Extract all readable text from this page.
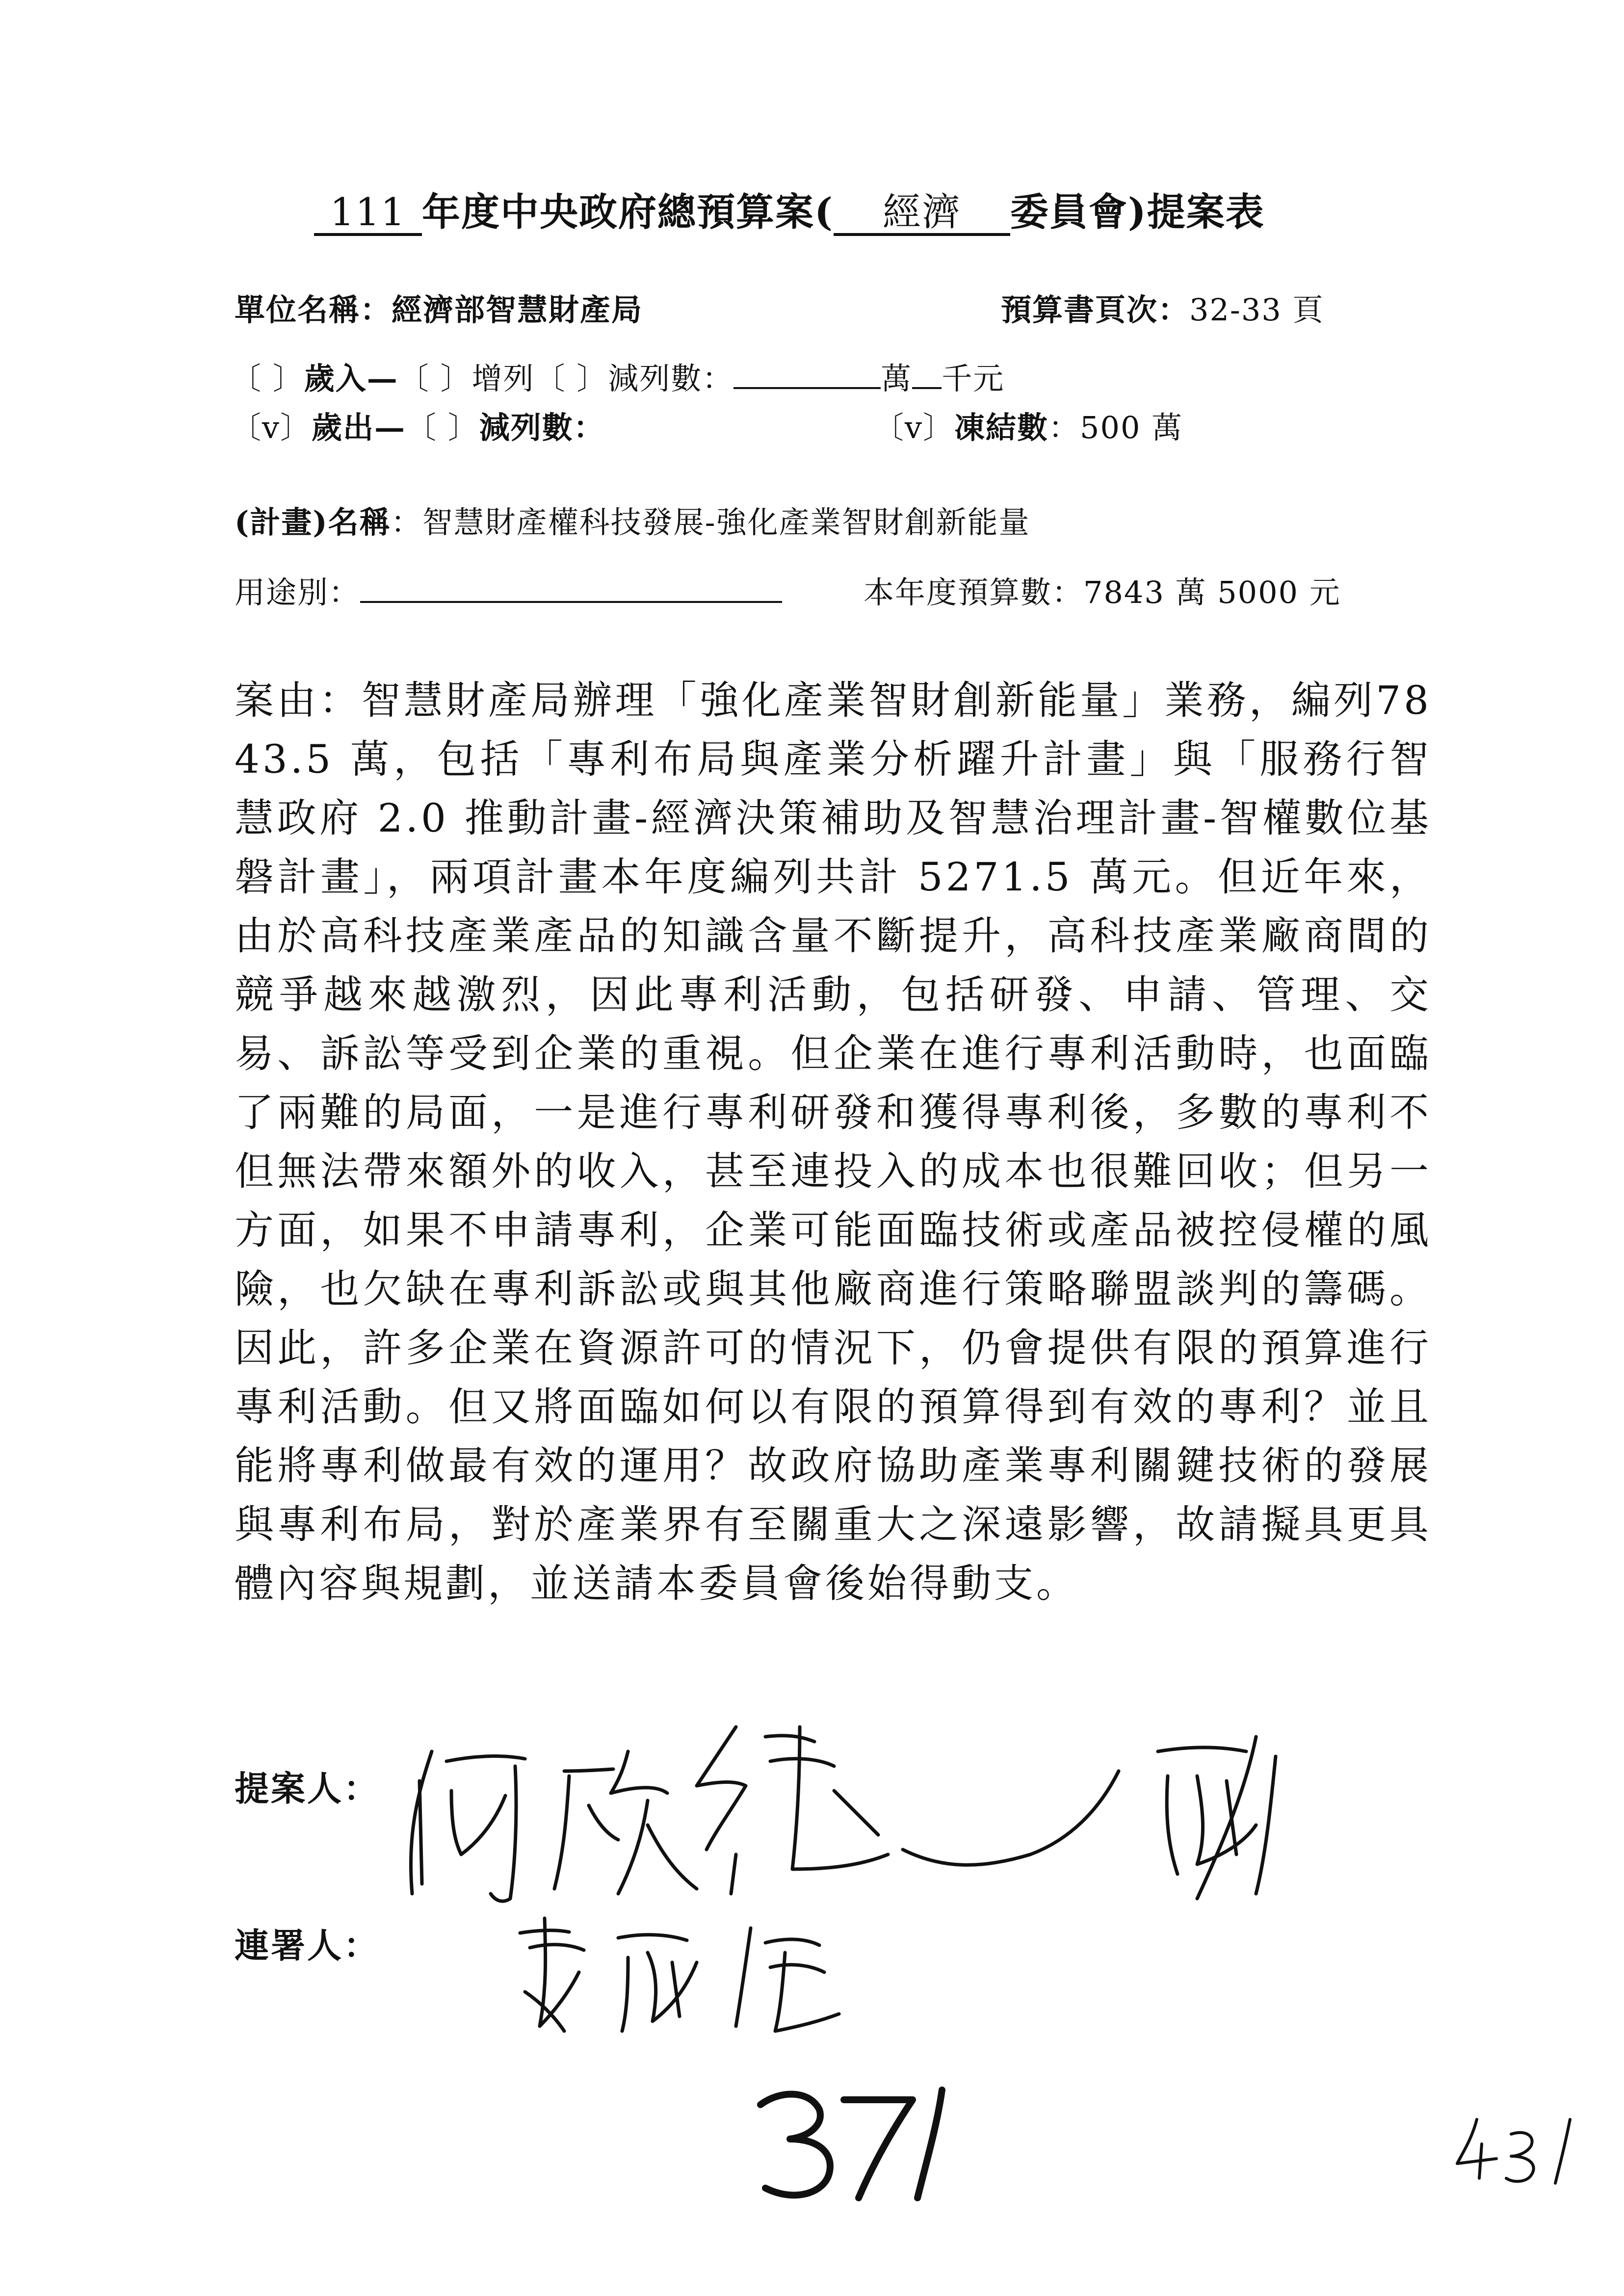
111 年度中央政府總預算案( 經濟 委員會)提案表
單位名稱：經濟部智慧財產局	預算書頁次：32-33 頁
〔 〕歲入—〔 〕增列〔 〕減列數：	萬 千元
〔v〕歲出—〔 〕減列數：	〔v〕凍結數：500 萬
(計畫)名稱：智慧財產權科技發展-強化產業智財創新能量
用途別：	本年度預算數：7843 萬 5000 元
案由：智慧財產局辦理「強化產業智財創新能量」業務，編列7843.5 萬，包括「專利布局與產業分析躍升計畫」與「服務行智慧政府 2.0 推動計畫-經濟決策補助及智慧治理計畫-智權數位基磐計畫」，兩項計畫本年度編列共計 5271.5 萬元。但近年來，由於高科技產業產品的知識含量不斷提升，高科技產業廠商間的競爭越來越激烈，因此專利活動，包括研發、申請、管理、交易、訴訟等受到企業的重視。但企業在進行專利活動時，也面臨了兩難的局面，一是進行專利研發和獲得專利後，多數的專利不但無法帶來額外的收入，甚至連投入的成本也很難回收；但另一方面，如果不申請專利，企業可能面臨技術或產品被控侵權的風險，也欠缺在專利訴訟或與其他廠商進行策略聯盟談判的籌碼。因此，許多企業在資源許可的情況下，仍會提供有限的預算進行專利活動。但又將面臨如何以有限的預算得到有效的專利？並且能將專利做最有效的運用？故政府協助產業專利關鍵技術的發展與專利布局，對於產業界有至關重大之深遠影響，故請擬具更具體內容與規劃，並送請本委員會後始得動支。
提案人：
連署人：
